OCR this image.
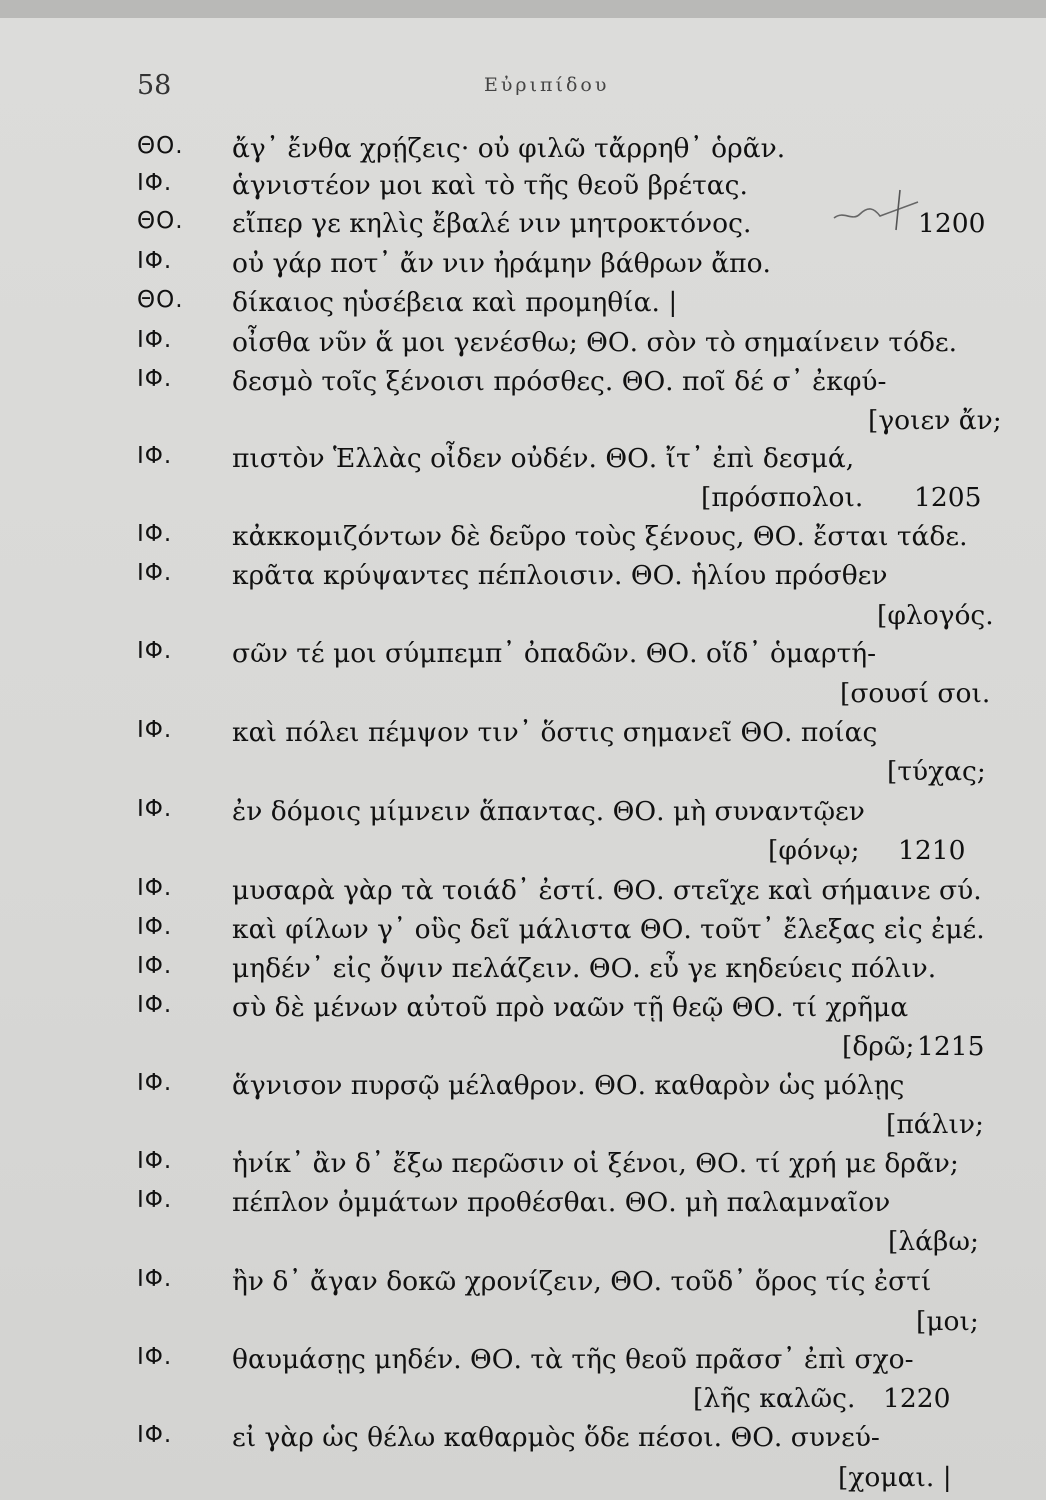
58	Εὐριπίδου
ΘΟ. ἄγ᾽ ἔνθα χρῄζεις· οὐ φιλῶ τἄρρηθ᾽ ὁρᾶν.
ΙΦ. ἁγνιστέον μοι καὶ τὸ τῆς θεοῦ βρέτας.
ΘΟ. εἴπερ γε κηλὶς ἔβαλέ νιν μητροκτόνος.	1200
ΙΦ. οὐ γάρ ποτ᾽ ἄν νιν ἠράμην βάθρων ἄπο.
ΘΟ. δίκαιος ηὑσέβεια καὶ προμηθία. |
ΙΦ. οἶσθα νῦν ἅ μοι γενέσθω; ΘΟ. σὸν τὸ σημαίνειν τόδε.
ΙΦ. δεσμὸ τοῖς ξένοισι πρόσθες. ΘΟ. ποῖ δέ σ᾽ ἐκφύ-
[γοιεν ἄν;
ΙΦ. πιστὸν Ἑλλὰς οἶδεν οὐδέν. ΘΟ. ἴτ᾽ ἐπὶ δεσμά,
[πρόσπολοι. 1205
ΙΦ. κἀκκομιζόντων δὲ δεῦρο τοὺς ξένους, ΘΟ. ἔσται τάδε.
ΙΦ. κρᾶτα κρύψαντες πέπλοισιν. ΘΟ. ἡλίου πρόσθεν
[φλογός.
ΙΦ. σῶν τέ μοι σύμπεμπ᾽ ὀπαδῶν. ΘΟ. οἵδ᾽ ὁμαρτή-
[σουσί σοι.
ΙΦ. καὶ πόλει πέμψον τιν᾽ ὅστις σημανεῖ ΘΟ. ποίας
[τύχας;
ΙΦ. ἐν δόμοις μίμνειν ἅπαντας. ΘΟ. μὴ συναντῷεν
[φόνῳ; 1210
ΙΦ. μυσαρὰ γὰρ τὰ τοιάδ᾽ ἐστί. ΘΟ. στεῖχε καὶ σήμαινε σύ.
ΙΦ. καὶ φίλων γ᾽ οὓς δεῖ μάλιστα ΘΟ. τοῦτ᾽ ἔλεξας εἰς ἐμέ.
ΙΦ. μηδέν᾽ εἰς ὄψιν πελάζειν. ΘΟ. εὖ γε κηδεύεις πόλιν.
ΙΦ. σὺ δὲ μένων αὐτοῦ πρὸ ναῶν τῇ θεῷ ΘΟ. τί χρῆμα
[δρῶ; 1215
ΙΦ. ἅγνισον πυρσῷ μέλαθρον. ΘΟ. καθαρὸν ὡς μόλῃς
[πάλιν;
ΙΦ. ἡνίκ᾽ ἂν δ᾽ ἔξω περῶσιν οἱ ξένοι, ΘΟ. τί χρή με δρᾶν;
ΙΦ. πέπλον ὀμμάτων προθέσθαι. ΘΟ. μὴ παλαμναῖον
[λάβω;
ΙΦ. ἢν δ᾽ ἄγαν δοκῶ χρονίζειν, ΘΟ. τοῦδ᾽ ὅρος τίς ἐστί
[μοι;
ΙΦ. θαυμάσῃς μηδέν. ΘΟ. τὰ τῆς θεοῦ πρᾶσσ᾽ ἐπὶ σχο-
[λῆς καλῶς. 1220
ΙΦ. εἰ γὰρ ὡς θέλω καθαρμὸς ὅδε πέσοι. ΘΟ. συνεύ-
[χομαι. |
